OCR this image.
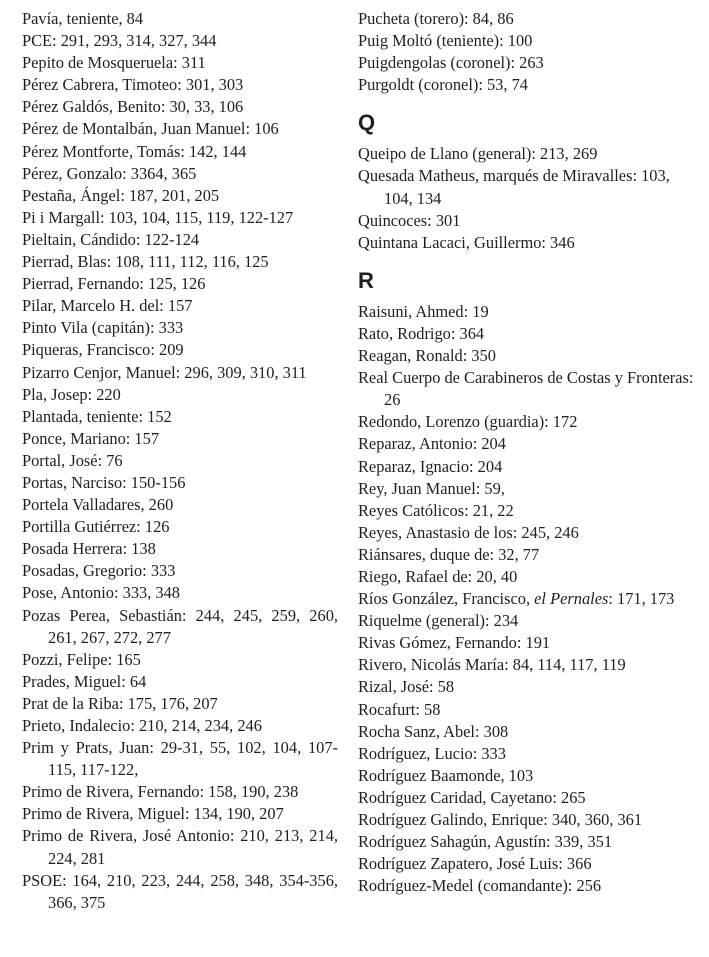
Pavía, teniente, 84
PCE: 291, 293, 314, 327, 344
Pepito de Mosqueruela: 311
Pérez Cabrera, Timoteo: 301, 303
Pérez Galdós, Benito: 30, 33, 106
Pérez de Montalbán, Juan Manuel: 106
Pérez Montforte, Tomás: 142, 144
Pérez, Gonzalo: 3364, 365
Pestaña, Ángel: 187, 201, 205
Pi i Margall: 103, 104, 115, 119, 122-127
Pieltain, Cándido: 122-124
Pierrad, Blas: 108, 111, 112, 116, 125
Pierrad, Fernando: 125, 126
Pilar, Marcelo H. del: 157
Pinto Vila (capitán): 333
Piqueras, Francisco: 209
Pizarro Cenjor, Manuel: 296, 309, 310, 311
Pla, Josep: 220
Plantada, teniente: 152
Ponce, Mariano: 157
Portal, José: 76
Portas, Narciso: 150-156
Portela Valladares, 260
Portilla Gutiérrez: 126
Posada Herrera: 138
Posadas, Gregorio: 333
Pose, Antonio: 333, 348
Pozas Perea, Sebastián: 244, 245, 259, 260, 261, 267, 272, 277
Pozzi, Felipe: 165
Prades, Miguel: 64
Prat de la Riba: 175, 176, 207
Prieto, Indalecio: 210, 214, 234, 246
Prim y Prats, Juan: 29-31, 55, 102, 104, 107-115, 117-122,
Primo de Rivera, Fernando: 158, 190, 238
Primo de Rivera, Miguel: 134, 190, 207
Primo de Rivera, José Antonio: 210, 213, 214, 224, 281
PSOE: 164, 210, 223, 244, 258, 348, 354-356, 366, 375
Pucheta (torero): 84, 86
Puig Moltó (teniente): 100
Puigdengolas (coronel): 263
Purgoldt (coronel): 53, 74
Q
Queipo de Llano (general): 213, 269
Quesada Matheus, marqués de Miravalles: 103, 104, 134
Quincoces: 301
Quintana Lacaci, Guillermo: 346
R
Raisuni, Ahmed: 19
Rato, Rodrigo: 364
Reagan, Ronald: 350
Real Cuerpo de Carabineros de Costas y Fronteras: 26
Redondo, Lorenzo (guardia): 172
Reparaz, Antonio: 204
Reparaz, Ignacio: 204
Rey, Juan Manuel: 59,
Reyes Católicos: 21, 22
Reyes, Anastasio de los: 245, 246
Riánsares, duque de: 32, 77
Riego, Rafael de: 20, 40
Ríos González, Francisco, el Pernales: 171, 173
Riquelme (general): 234
Rivas Gómez, Fernando: 191
Rivero, Nicolás María: 84, 114, 117, 119
Rizal, José: 58
Rocafurt: 58
Rocha Sanz, Abel: 308
Rodríguez, Lucio: 333
Rodríguez Baamonde, 103
Rodríguez Caridad, Cayetano: 265
Rodríguez Galindo, Enrique: 340, 360, 361
Rodríguez Sahagún, Agustín: 339, 351
Rodríguez Zapatero, José Luis: 366
Rodríguez-Medel (comandante): 256
